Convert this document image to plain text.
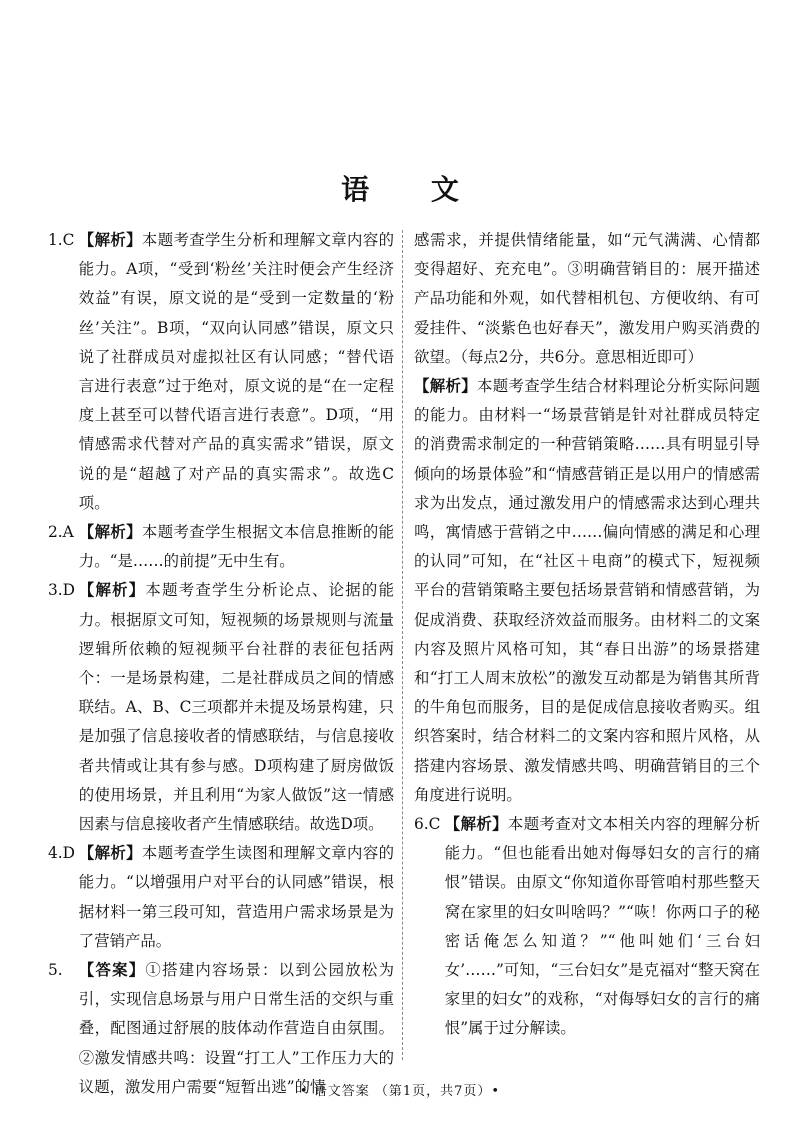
语 文
1.C 【解析】本题考查学生分析和理解文章内容的能力。A项，“受到‘粉丝’关注时便会产生经济效益”有误，原文说的是“受到一定数量的‘粉丝’关注”。B项，“双向认同感”错误，原文只说了社群成员对虚拟社区有认同感；“替代语言进行表意”过于绝对，原文说的是“在一定程度上甚至可以替代语言进行表意”。D项，“用情感需求代替对产品的真实需求”错误，原文说的是“超越了对产品的真实需求”。故选C项。
2.A 【解析】本题考查学生根据文本信息推断的能力。“是……的前提”无中生有。
3.D 【解析】本题考查学生分析论点、论据的能力。根据原文可知，短视频的场景规则与流量逻辑所依赖的短视频平台社群的表征包括两个：一是场景构建，二是社群成员之间的情感联结。A、B、C三项都并未提及场景构建，只是加强了信息接收者的情感联结，与信息接收者共情或让其有参与感。D项构建了厨房做饭的使用场景，并且利用“为家人做饭”这一情感因素与信息接收者产生情感联结。故选D项。
4.D 【解析】本题考查学生读图和理解文章内容的能力。“以增强用户对平台的认同感”错误，根据材料一第三段可知，营造用户需求场景是为了营销产品。
5. 【答案】①搭建内容场景：以到公园放松为引，实现信息场景与用户日常生活的交织与重叠，配图通过舒展的肢体动作营造自由氛围。②激发情感共鸣：设置“打工人”工作压力大的议题，激发用户需要“短暂出逃”的情

感需求，并提供情绪能量，如“元气满满、心情都变得超好、充充电”。③明确营销目的：展开描述产品功能和外观，如代替相机包、方便收纳、有可爱挂件、“淡紫色也好春天”，激发用户购买消费的欲望。（每点2分，共6分。意思相近即可）

【解析】本题考查学生结合材料理论分析实际问题的能力。由材料一“场景营销是针对社群成员特定的消费需求制定的一种营销策略……具有明显引导倾向的场景体验”和“情感营销正是以用户的情感需求为出发点，通过激发用户的情感需求达到心理共鸣，寓情感于营销之中……偏向情感的满足和心理的认同”可知，在“社区＋电商”的模式下，短视频平台的营销策略主要包括场景营销和情感营销，为促成消费、获取经济效益而服务。由材料二的文案内容及照片风格可知，其“春日出游”的场景搭建和“打工人周末放松”的激发互动都是为销售其所背的牛角包而服务，目的是促成信息接收者购买。组织答案时，结合材料二的文案内容和照片风格，从搭建内容场景、激发情感共鸣、明确营销目的三个角度进行说明。

6.C 【解析】本题考查对文本相关内容的理解分析能力。“但也能看出她对侮辱妇女的言行的痛恨”错误。由原文“你知道你哥管咱村那些整天窝在家里的妇女叫啥吗？”“咴！你两口子的秘密话俺怎么知道？”“他叫她们‘三台妇女’……”可知，“三台妇女”是克福对“整天窝在家里的妇女”的戏称，“对侮辱妇女的言行的痛恨”属于过分解读。
• 语文答案 （第1页，共7页）•
